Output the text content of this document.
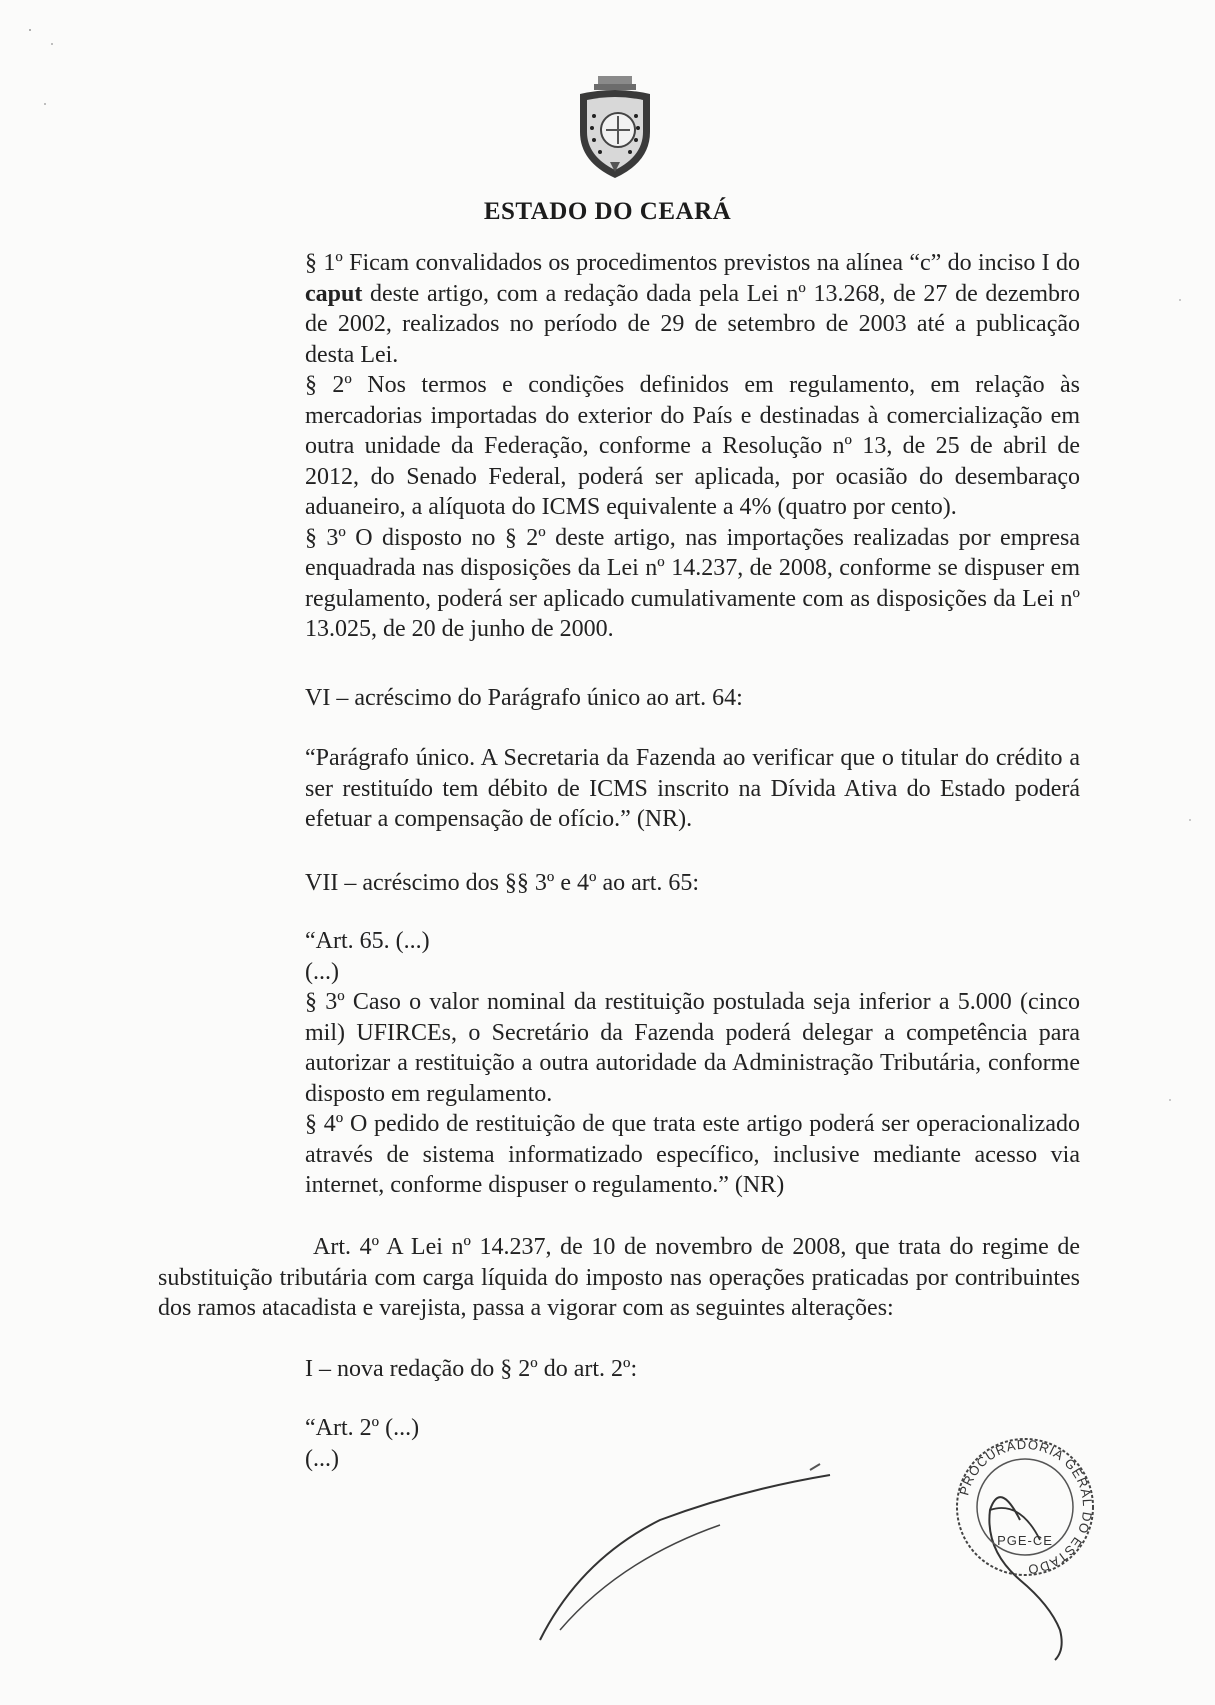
ESTADO DO CEARÁ

§ 1º Ficam convalidados os procedimentos previstos na alínea “c” do inciso I do caput deste artigo, com a redação dada pela Lei nº 13.268, de 27 de dezembro de 2002, realizados no período de 29 de setembro de 2003 até a publicação desta Lei.

§ 2º Nos termos e condições definidos em regulamento, em relação às mercadorias importadas do exterior do País e destinadas à comercialização em outra unidade da Federação, conforme a Resolução nº 13, de 25 de abril de 2012, do Senado Federal, poderá ser aplicada, por ocasião do desembaraço aduaneiro, a alíquota do ICMS equivalente a 4% (quatro por cento).

§ 3º O disposto no § 2º deste artigo, nas importações realizadas por empresa enquadrada nas disposições da Lei nº 14.237, de 2008, conforme se dispuser em regulamento, poderá ser aplicado cumulativamente com as disposições da Lei nº 13.025, de 20 de junho de 2000.

VI – acréscimo do Parágrafo único ao art. 64:

“Parágrafo único. A Secretaria da Fazenda ao verificar que o titular do crédito a ser restituído tem débito de ICMS inscrito na Dívida Ativa do Estado poderá efetuar a compensação de ofício.” (NR).

VII – acréscimo dos §§ 3º e 4º ao art. 65:

“Art. 65. (...)

(...)

§ 3º Caso o valor nominal da restituição postulada seja inferior a 5.000 (cinco mil) UFIRCEs, o Secretário da Fazenda poderá delegar a competência para autorizar a restituição a outra autoridade da Administração Tributária, conforme disposto em regulamento.

§ 4º O pedido de restituição de que trata este artigo poderá ser operacionalizado através de sistema informatizado específico, inclusive mediante acesso via internet, conforme dispuser o regulamento.” (NR)

Art. 4º A Lei nº 14.237, de 10 de novembro de 2008, que trata do regime de substituição tributária com carga líquida do imposto nas operações praticadas por contribuintes dos ramos atacadista e varejista, passa a vigorar com as seguintes alterações:

I – nova redação do § 2º do art. 2º:

“Art. 2º (...)

(...)

PROCURADORIA GERAL DO ESTADO
PGE-CE
